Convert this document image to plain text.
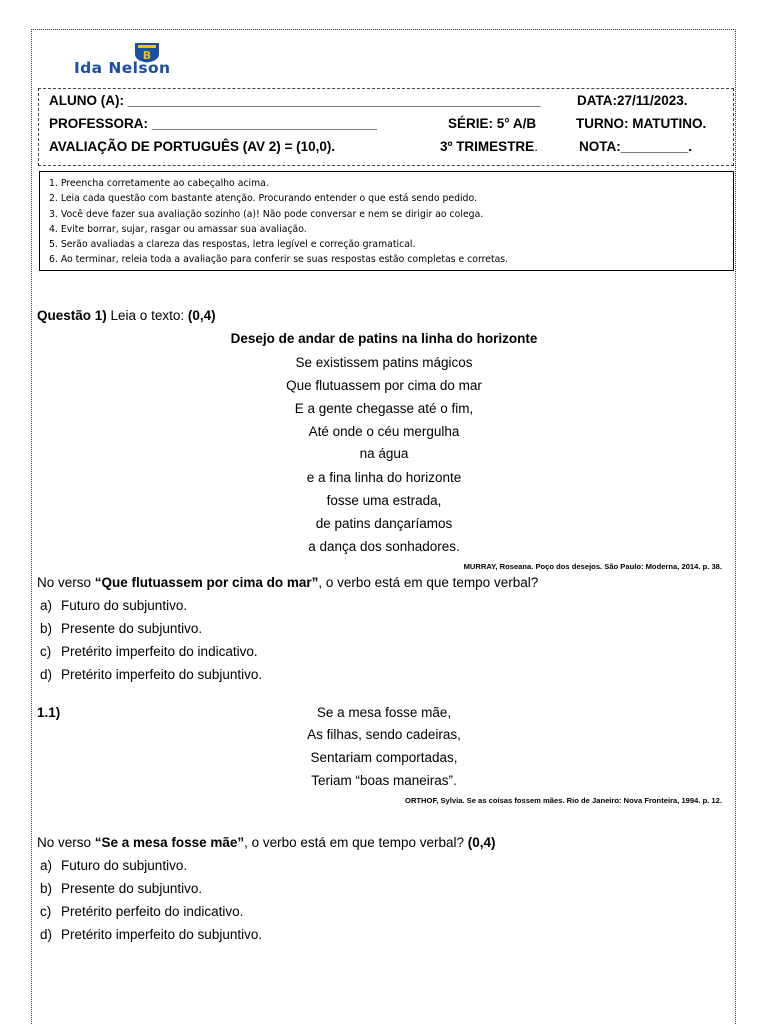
B
Ida Nelson
ALUNO (A): _______________________________________________________	DATA:27/11/2023.
PROFESSORA: ______________________________	SÉRIE: 5° A/B	TURNO: MATUTINO.
AVALIAÇÃO DE PORTUGUÊS (AV 2) = (10,0).	3º TRIMESTRE.	NOTA:_________.
1. Preencha corretamente ao cabeçalho acima.
2. Leia cada questão com bastante atenção. Procurando entender o que está sendo pedido.
3. Você deve fazer sua avaliação sozinho (a)! Não pode conversar e nem se dirigir ao colega.
4. Evite borrar, sujar, rasgar ou amassar sua avaliação.
5. Serão avaliadas a clareza das respostas, letra legível e correção gramatical.
6. Ao terminar, releia toda a avaliação para conferir se suas respostas estão completas e corretas.
Questão 1) Leia o texto: (0,4)
Desejo de andar de patins na linha do horizonte
Se existissem patins mágicos
Que flutuassem por cima do mar
E a gente chegasse até o fim,
Até onde o céu mergulha
na água
e a fina linha do horizonte
fosse uma estrada,
de patins dançaríamos
a dança dos sonhadores.
MURRAY, Roseana. Poço dos desejos. São Paulo: Moderna, 2014. p. 38.
No verso “Que flutuassem por cima do mar”, o verbo está em que tempo verbal?
a) Futuro do subjuntivo.
b) Presente do subjuntivo.
c) Pretérito imperfeito do indicativo.
d) Pretérito imperfeito do subjuntivo.
1.1)	Se a mesa fosse mãe,
As filhas, sendo cadeiras,
Sentariam comportadas,
Teriam “boas maneiras”.
ORTHOF, Sylvia. Se as coisas fossem mães. Rio de Janeiro: Nova Fronteira, 1994. p. 12.
No verso “Se a mesa fosse mãe”, o verbo está em que tempo verbal? (0,4)
a) Futuro do subjuntivo.
b) Presente do subjuntivo.
c) Pretérito perfeito do indicativo.
d) Pretérito imperfeito do subjuntivo.
